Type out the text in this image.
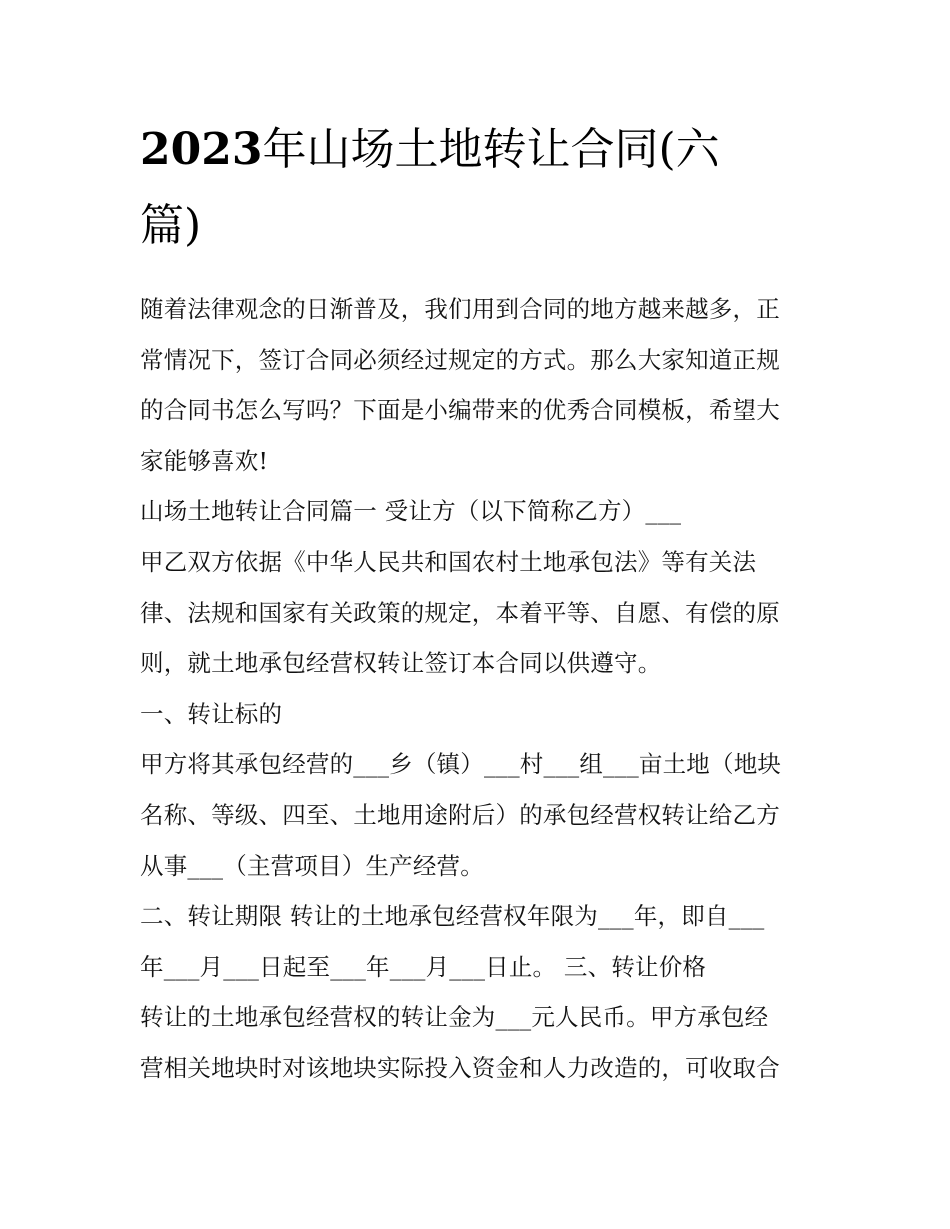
2023年山场土地转让合同(六
篇)
随着法律观念的日渐普及，我们用到合同的地方越来越多，正
常情况下，签订合同必须经过规定的方式。那么大家知道正规
的合同书怎么写吗？下面是小编带来的优秀合同模板，希望大
家能够喜欢!
山场土地转让合同篇一 受让方（以下简称乙方）___
甲乙双方依据《中华人民共和国农村土地承包法》等有关法
律、法规和国家有关政策的规定，本着平等、自愿、有偿的原
则，就土地承包经营权转让签订本合同以供遵守。
一、转让标的
甲方将其承包经营的___乡（镇）___村___组___亩土地（地块
名称、等级、四至、土地用途附后）的承包经营权转让给乙方
从事___（主营项目）生产经营。
二、转让期限 转让的土地承包经营权年限为___年，即自___
年___月___日起至___年___月___日止。 三、转让价格
转让的土地承包经营权的转让金为___元人民币。甲方承包经
营相关地块时对该地块实际投入资金和人力改造的，可收取合
